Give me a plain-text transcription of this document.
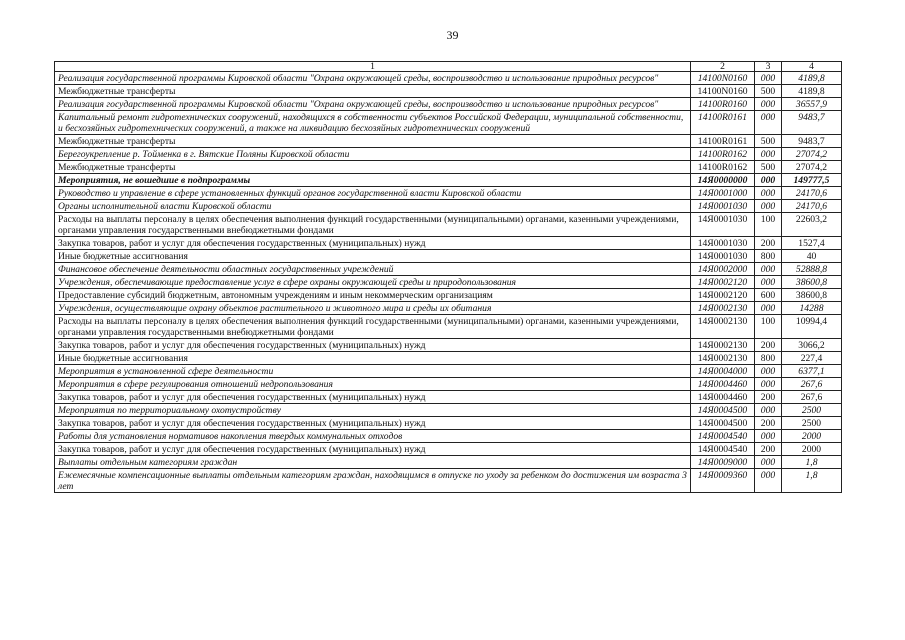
39
1	2	3	4
Реализация государственной программы Кировской области "Охрана окружающей среды, воспроизводство и использование природных ресурсов"	14100N0160	000	4189,8
Межбюджетные трансферты	14100N0160	500	4189,8
Реализация государственной программы Кировской области "Охрана окружающей среды, воспроизводство и использование природных ресурсов"	14100R0160	000	36557,9
Капитальный ремонт гидротехнических сооружений, находящихся в собственности субъектов Российской Федерации, муниципальной собственности, и бесхозяйных гидротехнических сооружений, а также на ликвидацию бесхозяйных гидротехнических сооружений	14100R0161	000	9483,7
Межбюджетные трансферты	14100R0161	500	9483,7
Берегоукрепление р. Тойменка в г. Вятские Поляны Кировской области	14100R0162	000	27074,2
Межбюджетные трансферты	14100R0162	500	27074,2
Мероприятия, не вошедшие в подпрограммы	14Я0000000	000	149777,5
Руководство и управление в сфере установленных функций органов государственной власти Кировской области	14Я0001000	000	24170,6
Органы исполнительной власти Кировской области	14Я0001030	000	24170,6
Расходы на выплаты персоналу в целях обеспечения выполнения функций государственными (муниципальными) органами, казенными учреждениями, органами управления государственными внебюджетными фондами	14Я0001030	100	22603,2
Закупка товаров, работ и услуг для обеспечения государственных (муниципальных) нужд	14Я0001030	200	1527,4
Иные бюджетные ассигнования	14Я0001030	800	40
Финансовое обеспечение деятельности областных государственных учреждений	14Я0002000	000	52888,8
Учреждения, обеспечивающие предоставление услуг в сфере охраны окружающей среды и природопользования	14Я0002120	000	38600,8
Предоставление субсидий бюджетным, автономным учреждениям и иным некоммерческим организациям	14Я0002120	600	38600,8
Учреждения, осуществляющие охрану объектов растительного и животного мира и среды их обитания	14Я0002130	000	14288
Расходы на выплаты персоналу в целях обеспечения выполнения функций государственными (муниципальными) органами, казенными учреждениями, органами управления государственными внебюджетными фондами	14Я0002130	100	10994,4
Закупка товаров, работ и услуг для обеспечения государственных (муниципальных) нужд	14Я0002130	200	3066,2
Иные бюджетные ассигнования	14Я0002130	800	227,4
Мероприятия в установленной сфере деятельности	14Я0004000	000	6377,1
Мероприятия в сфере регулирования отношений недропользования	14Я0004460	000	267,6
Закупка товаров, работ и услуг для обеспечения государственных (муниципальных) нужд	14Я0004460	200	267,6
Мероприятия по территориальному охотустройству	14Я0004500	000	2500
Закупка товаров, работ и услуг для обеспечения государственных (муниципальных) нужд	14Я0004500	200	2500
Работы для установления нормативов накопления твердых коммунальных отходов	14Я0004540	000	2000
Закупка товаров, работ и услуг для обеспечения государственных (муниципальных) нужд	14Я0004540	200	2000
Выплаты отдельным категориям граждан	14Я0009000	000	1,8
Ежемесячные компенсационные выплаты отдельным категориям граждан, находящимся в отпуске по уходу за ребенком до достижения им возраста 3 лет	14Я0009360	000	1,8
